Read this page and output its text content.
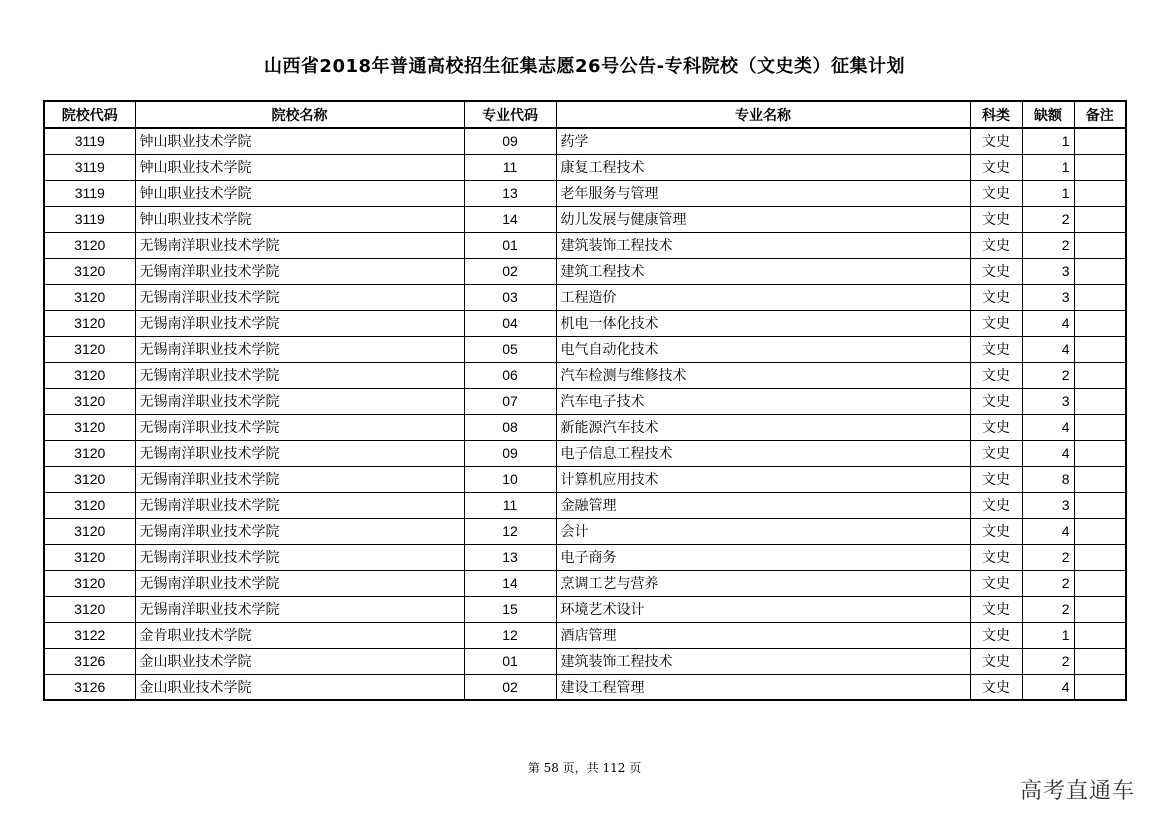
山西省2018年普通高校招生征集志愿26号公告-专科院校（文史类）征集计划
院校代码	院校名称	专业代码	专业名称	科类	缺额	备注
3119	钟山职业技术学院	09	药学	文史	1	
3119	钟山职业技术学院	11	康复工程技术	文史	1	
3119	钟山职业技术学院	13	老年服务与管理	文史	1	
3119	钟山职业技术学院	14	幼儿发展与健康管理	文史	2	
3120	无锡南洋职业技术学院	01	建筑装饰工程技术	文史	2	
3120	无锡南洋职业技术学院	02	建筑工程技术	文史	3	
3120	无锡南洋职业技术学院	03	工程造价	文史	3	
3120	无锡南洋职业技术学院	04	机电一体化技术	文史	4	
3120	无锡南洋职业技术学院	05	电气自动化技术	文史	4	
3120	无锡南洋职业技术学院	06	汽车检测与维修技术	文史	2	
3120	无锡南洋职业技术学院	07	汽车电子技术	文史	3	
3120	无锡南洋职业技术学院	08	新能源汽车技术	文史	4	
3120	无锡南洋职业技术学院	09	电子信息工程技术	文史	4	
3120	无锡南洋职业技术学院	10	计算机应用技术	文史	8	
3120	无锡南洋职业技术学院	11	金融管理	文史	3	
3120	无锡南洋职业技术学院	12	会计	文史	4	
3120	无锡南洋职业技术学院	13	电子商务	文史	2	
3120	无锡南洋职业技术学院	14	烹调工艺与营养	文史	2	
3120	无锡南洋职业技术学院	15	环境艺术设计	文史	2	
3122	金肯职业技术学院	12	酒店管理	文史	1	
3126	金山职业技术学院	01	建筑装饰工程技术	文史	2	
3126	金山职业技术学院	02	建设工程管理	文史	4	
第 58 页，共 112 页
高考直通车
